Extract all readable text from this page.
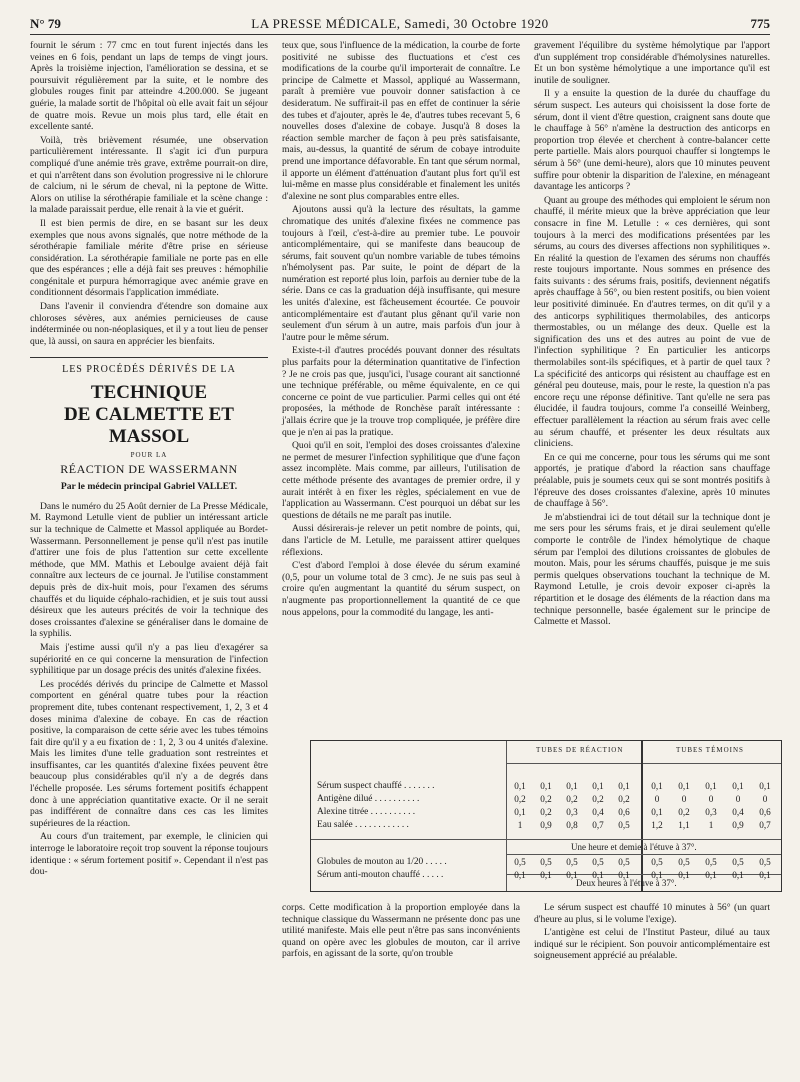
N° 79	LA PRESSE MÉDICALE, Samedi, 30 Octobre 1920	775

fournit le sérum : 77 cmc en tout furent injectés dans les veines en 6 fois, pendant un laps de temps de vingt jours. Après la troisième injection, l'amélioration se dessina, et se poursuivit régulièrement par la suite, et le nombre des globules rouges finit par atteindre 4.200.000. Se jugeant guérie, la malade sortit de l'hôpital où elle avait fait un séjour de quatre mois. Revue un mois plus tard, elle était en excellente santé.

Voilà, très brièvement résumée, une observation particulièrement intéressante. Il s'agit ici d'un purpura compliqué d'une anémie très grave, extrême pourrait-on dire, et qui n'arrêtent dans son évolution progressive ni le chlorure de calcium, ni le sérum de cheval, ni la peptone de Witte. Alors on utilise la sérothérapie familiale et la scène change : la malade paraissait perdue, elle renait à la vie et guérit.

Il est bien permis de dire, en se basant sur les deux exemples que nous avons signalés, que notre méthode de la sérothérapie familiale mérite d'être prise en sérieuse considération. La sérothérapie familiale ne porte pas en elle que des espérances ; elle a déjà fait ses preuves : hémophilie congénitale et purpura hémorragique avec anémie grave en conditionnent désormais l'application immédiate.

Dans l'avenir il conviendra d'étendre son domaine aux chloroses sévères, aux anémies pernicieuses de cause indéterminée ou non-néoplasiques, et il y a tout lieu de penser que, là aussi, on saura en apprécier les bienfaits.

LES PROCÉDÉS DÉRIVÉS DE LA
TECHNIQUE
DE CALMETTE ET MASSOL
POUR LA
RÉACTION DE WASSERMANN
Par le médecin principal Gabriel VALLET.

Dans le numéro du 25 Août dernier de La Presse Médicale, M. Raymond Letulle vient de publier un intéressant article sur la technique de Calmette et Massol appliquée au Bordet-Wassermann. Personnellement je pense qu'il n'est pas inutile d'attirer une fois de plus l'attention sur cette excellente méthode, que MM. Mathis et Leboulge avaient déjà fait connaître aux lecteurs de ce journal. Je l'utilise constamment depuis près de dix-huit mois, pour l'examen des sérums chauffés et du liquide céphalo-rachidien, et je suis tout aussi désireux que les auteurs précités de voir la technique des doses croissantes d'alexine se généraliser dans le domaine de la syphilis.

Mais j'estime aussi qu'il n'y a pas lieu d'exagérer sa supériorité en ce qui concerne la mensuration de l'infection syphilitique par un dosage précis des unités d'alexine fixées.

Les procédés dérivés du principe de Calmette et Massol comportent en général quatre tubes pour la réaction proprement dite, tubes contenant respectivement, 1, 2, 3 et 4 doses minima d'alexine de cobaye. En cas de réaction positive, la comparaison de cette série avec les tubes témoins fait dire qu'il y a eu fixation de : 1, 2, 3 ou 4 unités d'alexine. Mais les limites d'une telle graduation sont restreintes et insuffisantes, car les quantités d'alexine fixées peuvent être beaucoup plus considérables qu'il n'y a de degrés dans l'échelle proposée. Les sérums fortement positifs échappent donc à une appréciation quantitative exacte. Or il ne serait pas indifférent de connaître dans ces cas les limites supérieures de la réaction.

Au cours d'un traitement, par exemple, le clinicien qui interroge le laboratoire reçoit trop souvent la réponse toujours identique : « sérum fortement positif ». Cependant il n'est pas dou-

teux que, sous l'influence de la médication, la courbe de forte positivité ne subisse des fluctuations et c'est ces modifications de la courbe qu'il importerait de connaître. Le principe de Calmette et Massol, appliqué au Wassermann, paraît à première vue pouvoir donner satisfaction à ce desideratum. Ne suffirait-il pas en effet de continuer la série des tubes et d'ajouter, après le 4e, d'autres tubes recevant 5, 6 nouvelles doses d'alexine de cobaye. Jusqu'à 8 doses la réaction semble marcher de façon à peu près satisfaisante, mais, au-dessus, la quantité de sérum de cobaye introduite prend une importance défavorable. En tant que sérum normal, il apporte un élément d'atténuation d'autant plus fort qu'il est lui-même en masse plus considérable et finalement les unités d'alexine ne sont plus comparables entre elles.

Ajoutons aussi qu'à la lecture des résultats, la gamme chromatique des unités d'alexine fixées ne commence pas toujours à l'œil, c'est-à-dire au premier tube. Le pouvoir anticomplémentaire, qui se manifeste dans beaucoup de sérums, fait souvent qu'un nombre variable de tubes témoins n'hémolysent pas. Par suite, le point de départ de la numération est reporté plus loin, parfois au dernier tube de la série. Dans ce cas la graduation déjà insuffisante, qui mesure les unités d'alexine, est fâcheusement écourtée. Ce pouvoir anticomplémentaire est d'autant plus gênant qu'il varie non seulement d'un sérum à un autre, mais parfois d'un jour à l'autre pour le même sérum.

Existe-t-il d'autres procédés pouvant donner des résultats plus parfaits pour la détermination quantitative de l'infection ? Je ne crois pas que, jusqu'ici, l'usage courant ait sanctionné une technique préférable, ou même équivalente, en ce qui concerne ce point de vue particulier. Parmi celles qui ont été proposées, la méthode de Ronchèse paraît intéressante : j'allais écrire que je la trouve trop compliquée, je préfère dire que je n'en ai pas la pratique.

Quoi qu'il en soit, l'emploi des doses croissantes d'alexine ne permet de mesurer l'infection syphilitique que d'une façon assez incomplète. Mais comme, par ailleurs, l'utilisation de cette méthode présente des avantages de premier ordre, il y aurait intérêt à en fixer les règles, spécialement en vue de l'application au Wassermann. C'est pourquoi un débat sur les questions de détails ne me paraît pas inutile.

Aussi désirerais-je relever un petit nombre de points, qui, dans l'article de M. Letulle, me paraissent attirer quelques réflexions.

C'est d'abord l'emploi à dose élevée du sérum examiné (0,5, pour un volume total de 3 cmc). Je ne suis pas seul à croire qu'en augmentant la quantité du sérum suspect, on n'augmente pas proportionnellement la quantité de ce que nous appelons, pour la commodité du langage, les anti-

gravement l'équilibre du système hémolytique par l'apport d'un supplément trop considérable d'hémolysines naturelles. Et un bon système hémolytique a une importance qu'il est inutile de souligner.

Il y a ensuite la question de la durée du chauffage du sérum suspect. Les auteurs qui choisissent la dose forte de sérum, dont il vient d'être question, craignent sans doute que le chauffage à 56° n'amène la destruction des anticorps en proportion trop élevée et cherchent à contre-balancer cette perte partielle. Mais alors pourquoi chauffer si longtemps le sérum à 56° (une demi-heure), alors que 10 minutes peuvent suffire pour obtenir la disparition de l'alexine, en ménageant davantage les anticorps ?

Quant au groupe des méthodes qui emploient le sérum non chauffé, il mérite mieux que la brève appréciation que leur consacre in fine M. Letulle : « ces dernières, qui sont toujours à la merci des modifications présentées par les sérums, au cours des diverses affections non syphilitiques ». En réalité la question de l'examen des sérums non chauffés reste toujours importante. Nous sommes en présence des faits suivants : des sérums frais, positifs, deviennent négatifs après chauffage à 56°, ou bien restent positifs, ou bien voient leur positivité diminuée. En d'autres termes, on dit qu'il y a des anticorps syphilitiques thermolabiles, des anticorps thermostables, ou un mélange des deux. Quelle est la signification des uns et des autres au point de vue de l'infection syphilitique ? En particulier les anticorps thermolabiles sont-ils spécifiques, et à partir de quel taux ? La spécificité des anticorps qui résistent au chauffage est en général peu douteuse, mais, pour le reste, la question n'a pas encore reçu une réponse définitive. Tant qu'elle ne sera pas élucidée, il faudra toujours, comme l'a conseillé Weinberg, effectuer parallèlement la réaction au sérum frais avec celle au sérum chauffé, et présenter les deux résultats aux cliniciens.

En ce qui me concerne, pour tous les sérums qui me sont apportés, je pratique d'abord la réaction sans chauffage préalable, puis je soumets ceux qui se sont montrés positifs à l'épreuve des doses croissantes d'alexine, après 10 minutes de chauffage à 56°.

Je m'abstiendrai ici de tout détail sur la technique dont je me sers pour les sérums frais, et je dirai seulement qu'elle comporte le contrôle de l'index hémolytique de chaque sérum par l'emploi des dilutions croissantes de globules de mouton. Mais, pour les sérums chauffés, puisque je me suis permis quelques observations touchant la technique de M. Raymond Letulle, je crois devoir exposer ci-après la répartition et le dosage des éléments de la réaction dans ma technique personnelle, basée également sur le principe de Calmette et Massol.

TUBES DE RÉACTION	TUBES TÉMOINS
Une heure et demie à l'étuve à 37°.
Deux heures à l'étuve à 37°.
Sérum suspect chauffé . . . . . . .	0,1	0,1	0,1	0,1	0,1	0,1	0,1	0,1	0,1	0,1
Antigène dilué . . . . . . . . . .	0,2	0,2	0,2	0,2	0,2	0	0	0	0	0
Alexine titrée . . . . . . . . . .	0,1	0,2	0,3	0,4	0,6	0,1	0,2	0,3	0,4	0,6
Eau salée . . . . . . . . . . . .	1	0,9	0,8	0,7	0,5	1,2	1,1	1	0,9	0,7
Globules de mouton au 1/20 . . . . .	0,5	0,5	0,5	0,5	0,5	0,5	0,5	0,5	0,5	0,5
Sérum anti-mouton chauffé . . . . .	0,1	0,1	0,1	0,1	0,1	0,1	0,1	0,1	0,1	0,1

corps. Cette modification à la proportion employée dans la technique classique du Wassermann ne présente donc pas une utilité manifeste. Mais elle peut n'être pas sans inconvénients quand on opère avec les globules de mouton, car il arrive parfois, en agissant de la sorte, qu'on trouble

Le sérum suspect est chauffé 10 minutes à 56° (un quart d'heure au plus, si le volume l'exige).

L'antigène est celui de l'Institut Pasteur, dilué au taux indiqué sur le récipient. Son pouvoir anticomplémentaire est soigneusement apprécié au préalable.
